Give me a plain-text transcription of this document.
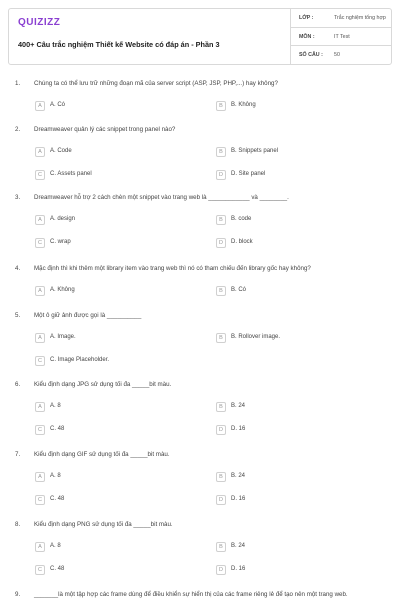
QUIZIZZ
400+ Câu trắc nghiệm Thiết kế Website có đáp án - Phần 3
LỚP :	Trắc nghiệm tổng hợp
MÔN :	IT Test
SỐ CÂU : 50
1. Chúng ta có thể lưu trữ những đoạn mã của server script (ASP, JSP, PHP,...) hay không?
A	A. Có	B	B. Không
2. Dreamweaver quản lý các snippet trong panel nào?
A	A. Code	B	B. Snippets panel
C	C. Assets panel	D	D. Site panel
3. Dreamweaver hỗ trợ 2 cách chèn một snippet vào trang web là ____________ và ________.
A	A. design	B	B. code
C	C. wrap	D	D. block
4. Mặc định thì khi thêm một library item vào trang web thì nó có tham chiếu đến library gốc hay không?
A	A. Không	B	B. Có
5. Một ô giữ ảnh được gọi là __________
A	A. Image.	B	B. Rollover image.
C	C. Image Placeholder.
6. Kiểu định dạng JPG sử dụng tối đa _____bit màu.
A	A. 8	B	B. 24
C	C. 48	D	D. 16
7. Kiểu định dạng GIF sử dụng tối đa _____bit màu.
A	A. 8	B	B. 24
C	C. 48	D	D. 16
8. Kiểu định dạng PNG sử dụng tối đa _____bit màu.
A	A. 8	B	B. 24
C	C. 48	D	D. 16
9. _______là một tập hợp các frame dùng để điều khiển sự hiển thị của các frame riêng lẻ để tạo nên một trang web.
